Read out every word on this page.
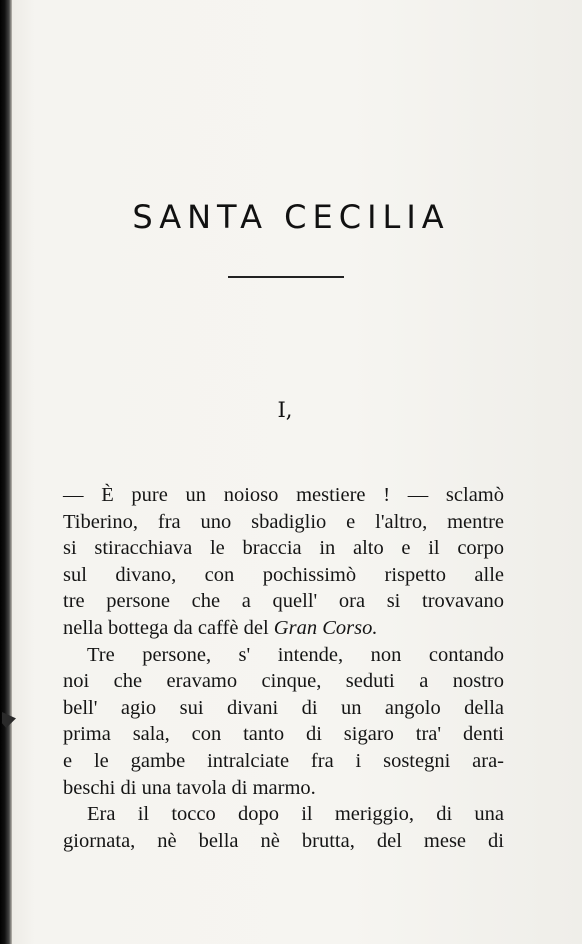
SANTA CECILIA
I,
— È pure un noioso mestiere ! — sclamò
Tiberino, fra uno sbadiglio e l'altro, mentre
si stiracchiava le braccia in alto e il corpo
sul divano, con pochissimò rispetto alle
tre persone che a quell' ora si trovavano
nella bottega da caffè del Gran Corso.
Tre persone, s' intende, non contando
noi che eravamo cinque, seduti a nostro
bell' agio sui divani di un angolo della
prima sala, con tanto di sigaro tra' denti
e le gambe intralciate fra i sostegni ara-
beschi di una tavola di marmo.
Era il tocco dopo il meriggio, di una
giornata, nè bella nè brutta, del mese di
